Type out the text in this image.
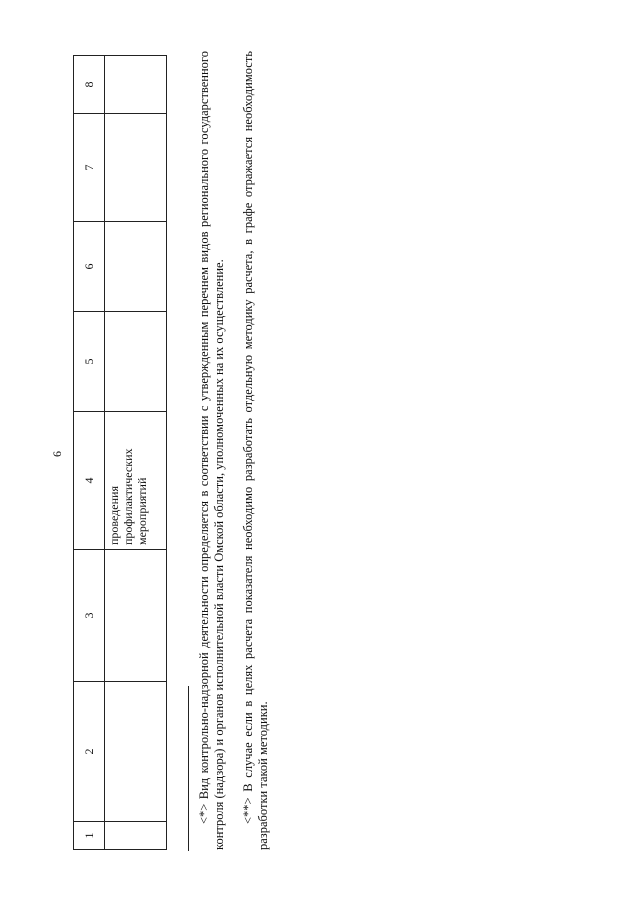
6
1	2	3	4	5	6	7	8
			проведения профилактических мероприятий					<*> Вид контрольно-надзорной деятельности определяется в соответствии с утвержденным перечнем видов регионального государственного контроля (надзора) и органов исполнительной власти Омской области, уполномоченных на их осуществление. <**> В случае если в целях расчета показателя необходимо разработать отдельную методику расчета, в графе отражается необходимость разработки такой методики.
